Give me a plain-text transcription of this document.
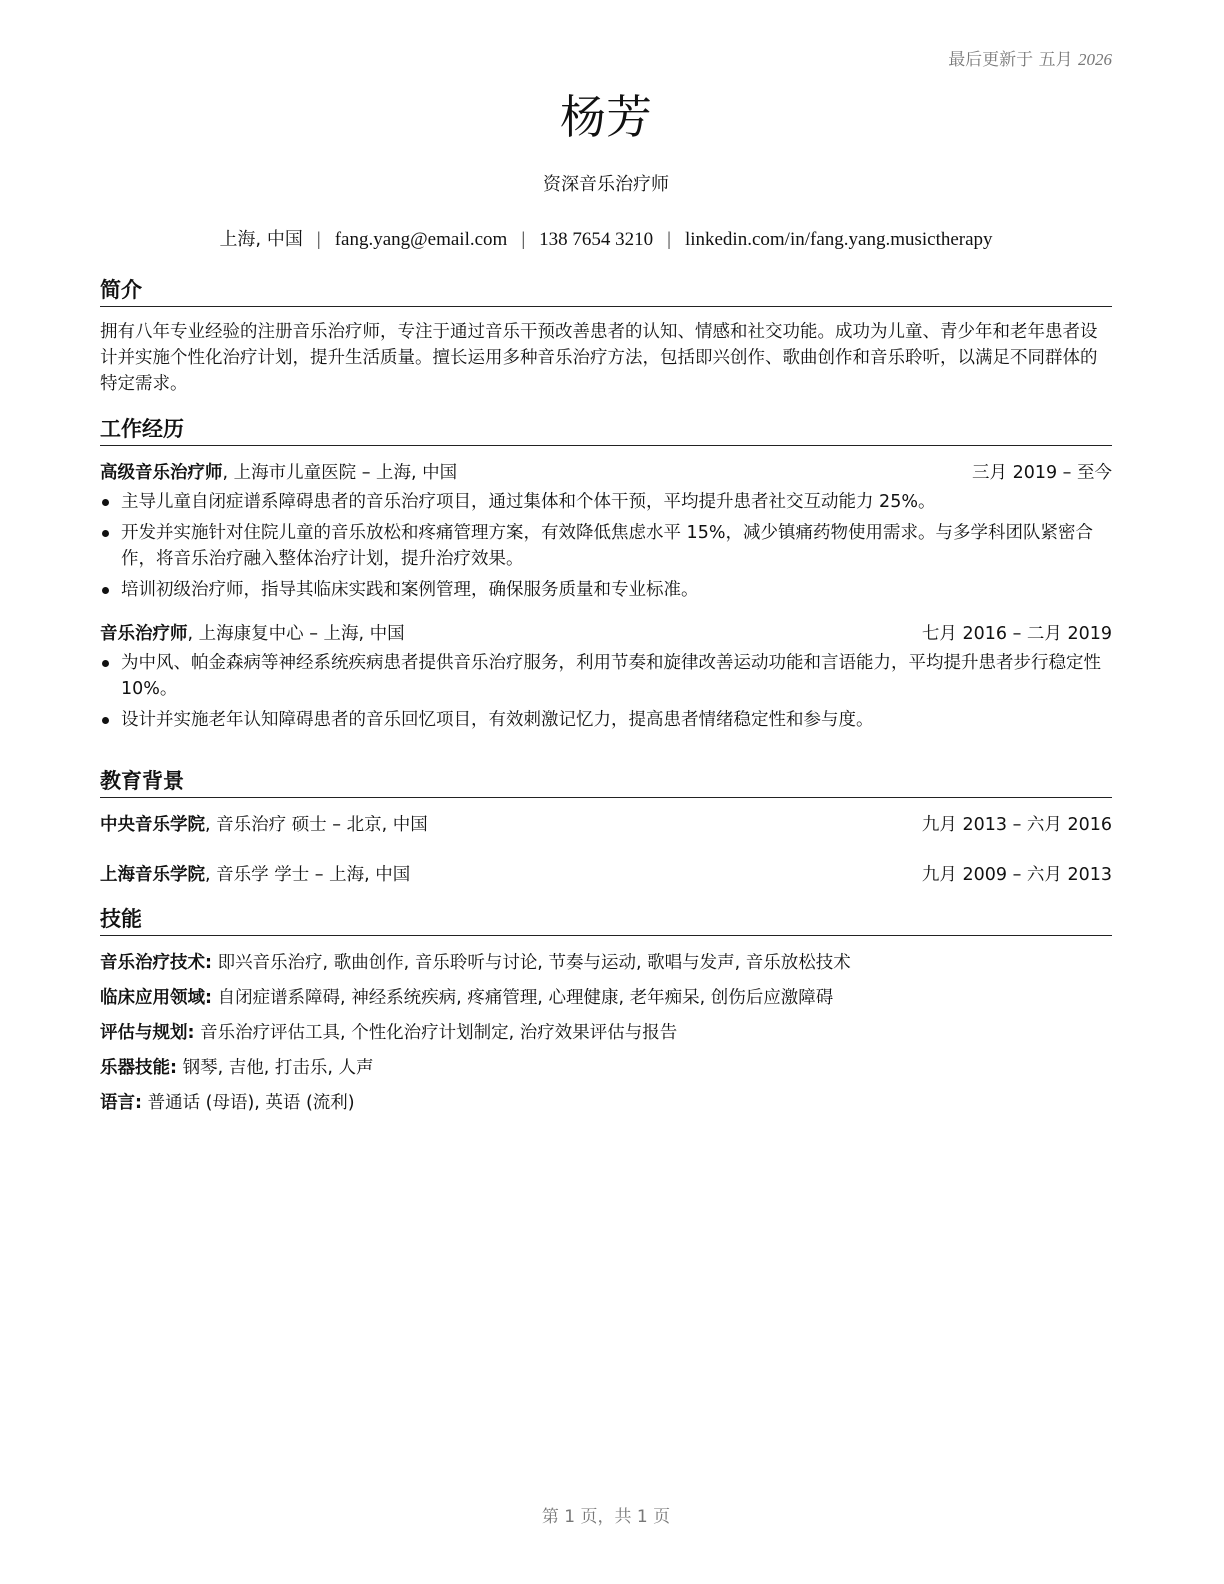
最后更新于 五月 2026
杨芳
资深音乐治疗师
上海, 中国 | fang.yang@email.com | 138 7654 3210 | linkedin.com/in/fang.yang.musictherapy
简介
拥有八年专业经验的注册音乐治疗师，专注于通过音乐干预改善患者的认知、情感和社交功能。成功为儿童、青少年和老年患者设计并实施个性化治疗计划，提升生活质量。擅长运用多种音乐治疗方法，包括即兴创作、歌曲创作和音乐聆听，以满足不同群体的特定需求。
工作经历
高级音乐治疗师, 上海市儿童医院 – 上海, 中国	三月 2019 – 至今
主导儿童自闭症谱系障碍患者的音乐治疗项目，通过集体和个体干预，平均提升患者社交互动能力 25%。
开发并实施针对住院儿童的音乐放松和疼痛管理方案，有效降低焦虑水平 15%，减少镇痛药物使用需求。与多学科团队紧密合作，将音乐治疗融入整体治疗计划，提升治疗效果。
培训初级治疗师，指导其临床实践和案例管理，确保服务质量和专业标准。
音乐治疗师, 上海康复中心 – 上海, 中国	七月 2016 – 二月 2019
为中风、帕金森病等神经系统疾病患者提供音乐治疗服务，利用节奏和旋律改善运动功能和言语能力，平均提升患者步行稳定性 10%。
设计并实施老年认知障碍患者的音乐回忆项目，有效刺激记忆力，提高患者情绪稳定性和参与度。
教育背景
中央音乐学院, 音乐治疗 硕士 – 北京, 中国	九月 2013 – 六月 2016
上海音乐学院, 音乐学 学士 – 上海, 中国	九月 2009 – 六月 2013
技能
音乐治疗技术: 即兴音乐治疗, 歌曲创作, 音乐聆听与讨论, 节奏与运动, 歌唱与发声, 音乐放松技术
临床应用领域: 自闭症谱系障碍, 神经系统疾病, 疼痛管理, 心理健康, 老年痴呆, 创伤后应激障碍
评估与规划: 音乐治疗评估工具, 个性化治疗计划制定, 治疗效果评估与报告
乐器技能: 钢琴, 吉他, 打击乐, 人声
语言: 普通话 (母语), 英语 (流利)
第 1 页，共 1 页
